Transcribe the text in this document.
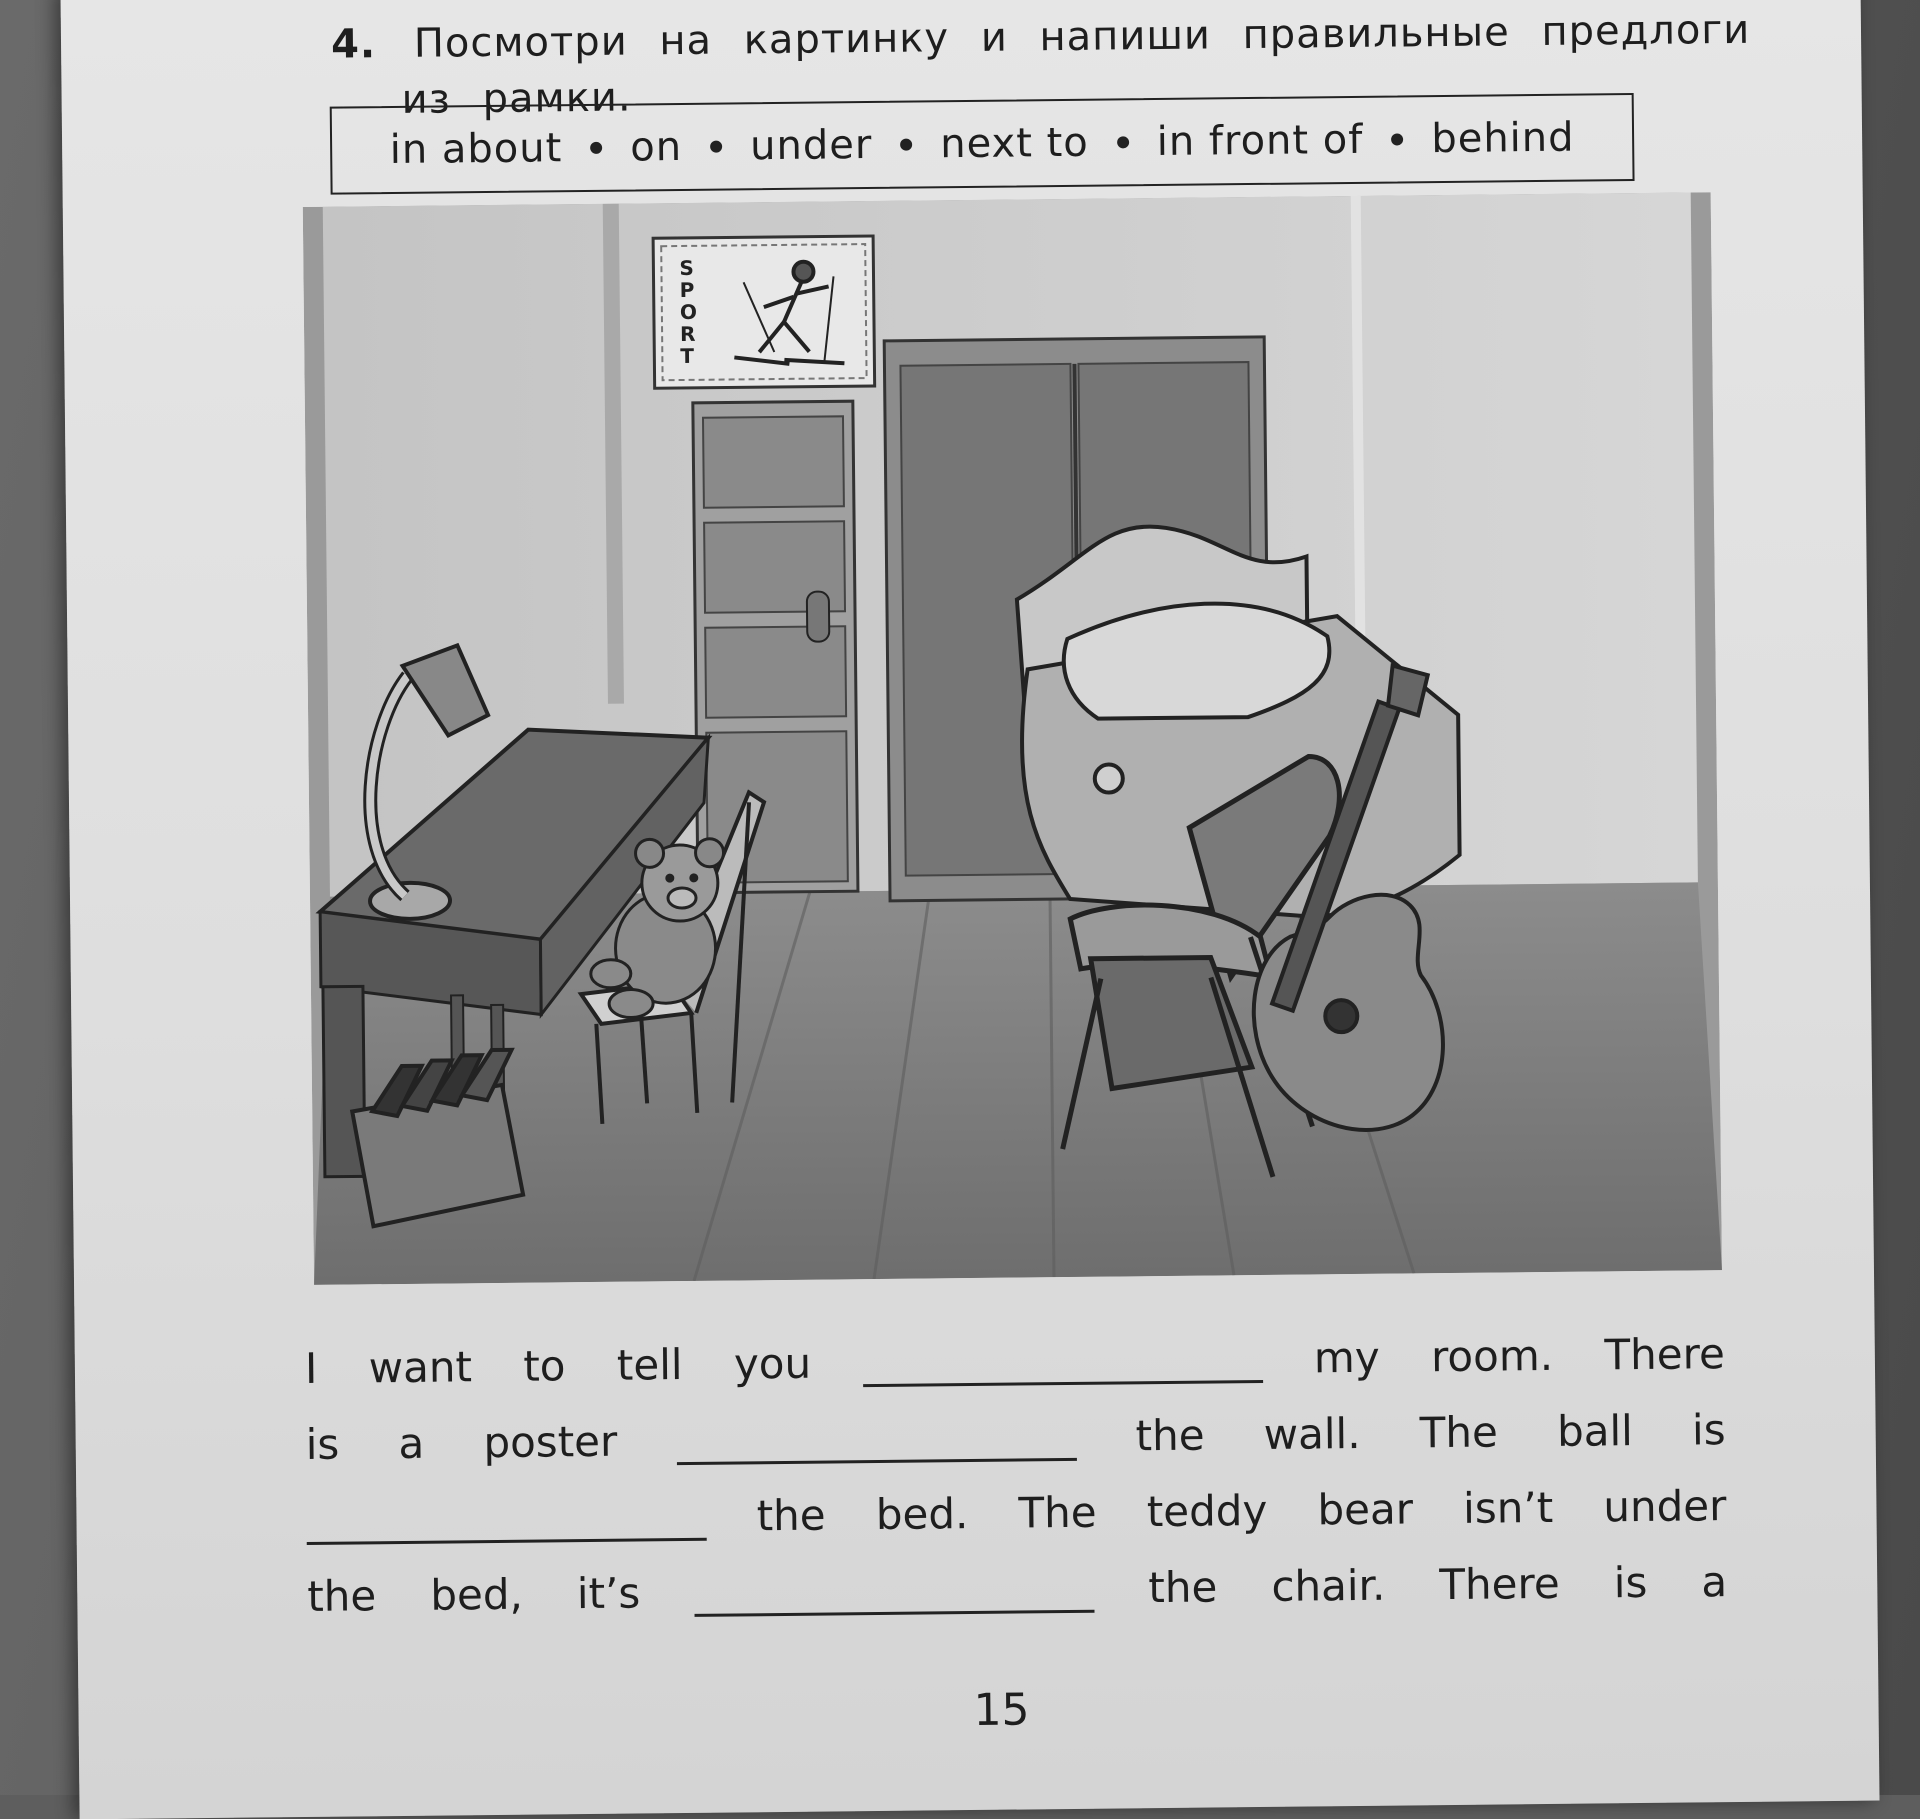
4. Посмотри на картинку и напиши правильные предлоги
из рамки.
in about on under next to in front of behind
S
P
O
R
T
I want to tell you	my room. There
is a poster	the wall. The ball is
the bed. The teddy bear isn’t under
the bed, it’s	the chair. There is a
15
